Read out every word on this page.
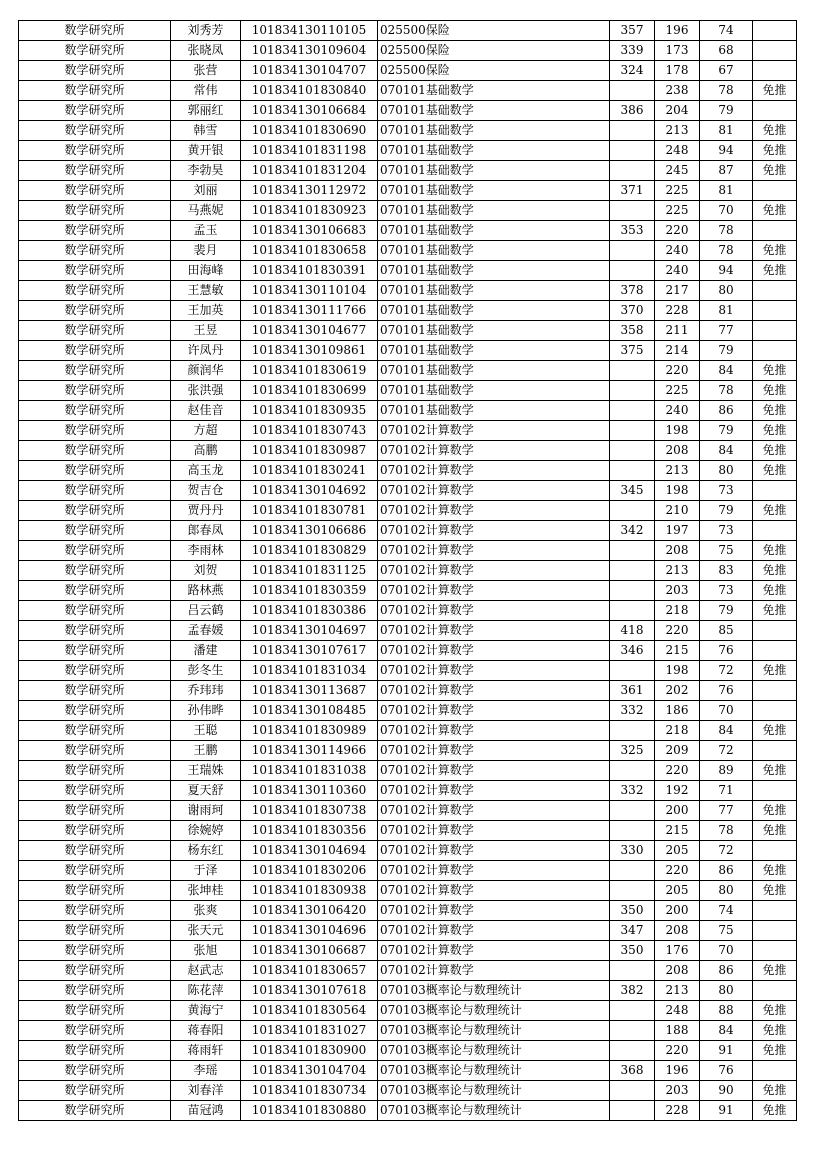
数学研究所	刘秀芳	101834130110105	025500保险	357	196	74	
数学研究所	张晓凤	101834130109604	025500保险	339	173	68	
数学研究所	张营	101834130104707	025500保险	324	178	67	
数学研究所	常伟	101834101830840	070101基础数学		238	78	免推
数学研究所	郭丽红	101834130106684	070101基础数学	386	204	79	
数学研究所	韩雪	101834101830690	070101基础数学		213	81	免推
数学研究所	黄开银	101834101831198	070101基础数学		248	94	免推
数学研究所	李勃昊	101834101831204	070101基础数学		245	87	免推
数学研究所	刘丽	101834130112972	070101基础数学	371	225	81	
数学研究所	马燕妮	101834101830923	070101基础数学		225	70	免推
数学研究所	孟玉	101834130106683	070101基础数学	353	220	78	
数学研究所	裴月	101834101830658	070101基础数学		240	78	免推
数学研究所	田海峰	101834101830391	070101基础数学		240	94	免推
数学研究所	王慧敏	101834130110104	070101基础数学	378	217	80	
数学研究所	王加英	101834130111766	070101基础数学	370	228	81	
数学研究所	王昱	101834130104677	070101基础数学	358	211	77	
数学研究所	许凤丹	101834130109861	070101基础数学	375	214	79	
数学研究所	颜润华	101834101830619	070101基础数学		220	84	免推
数学研究所	张洪强	101834101830699	070101基础数学		225	78	免推
数学研究所	赵佳音	101834101830935	070101基础数学		240	86	免推
数学研究所	方超	101834101830743	070102计算数学		198	79	免推
数学研究所	高鹏	101834101830987	070102计算数学		208	84	免推
数学研究所	高玉龙	101834101830241	070102计算数学		213	80	免推
数学研究所	贺吉仓	101834130104692	070102计算数学	345	198	73	
数学研究所	贾丹丹	101834101830781	070102计算数学		210	79	免推
数学研究所	郎春凤	101834130106686	070102计算数学	342	197	73	
数学研究所	李雨林	101834101830829	070102计算数学		208	75	免推
数学研究所	刘贺	101834101831125	070102计算数学		213	83	免推
数学研究所	路林燕	101834101830359	070102计算数学		203	73	免推
数学研究所	吕云鹤	101834101830386	070102计算数学		218	79	免推
数学研究所	孟春媛	101834130104697	070102计算数学	418	220	85	
数学研究所	潘建	101834130107617	070102计算数学	346	215	76	
数学研究所	彭冬生	101834101831034	070102计算数学		198	72	免推
数学研究所	乔玮玮	101834130113687	070102计算数学	361	202	76	
数学研究所	孙伟晔	101834130108485	070102计算数学	332	186	70	
数学研究所	王聪	101834101830989	070102计算数学		218	84	免推
数学研究所	王鹏	101834130114966	070102计算数学	325	209	72	
数学研究所	王瑞姝	101834101831038	070102计算数学		220	89	免推
数学研究所	夏天舒	101834130110360	070102计算数学	332	192	71	
数学研究所	谢雨珂	101834101830738	070102计算数学		200	77	免推
数学研究所	徐婉婷	101834101830356	070102计算数学		215	78	免推
数学研究所	杨东红	101834130104694	070102计算数学	330	205	72	
数学研究所	于泽	101834101830206	070102计算数学		220	86	免推
数学研究所	张坤桂	101834101830938	070102计算数学		205	80	免推
数学研究所	张爽	101834130106420	070102计算数学	350	200	74	
数学研究所	张天元	101834130104696	070102计算数学	347	208	75	
数学研究所	张旭	101834130106687	070102计算数学	350	176	70	
数学研究所	赵武志	101834101830657	070102计算数学		208	86	免推
数学研究所	陈花萍	101834130107618	070103概率论与数理统计	382	213	80	
数学研究所	黄海宁	101834101830564	070103概率论与数理统计		248	88	免推
数学研究所	蒋春阳	101834101831027	070103概率论与数理统计		188	84	免推
数学研究所	蒋雨轩	101834101830900	070103概率论与数理统计		220	91	免推
数学研究所	李瑶	101834130104704	070103概率论与数理统计	368	196	76	
数学研究所	刘春洋	101834101830734	070103概率论与数理统计		203	90	免推
数学研究所	苗冠鸿	101834101830880	070103概率论与数理统计		228	91	免推
